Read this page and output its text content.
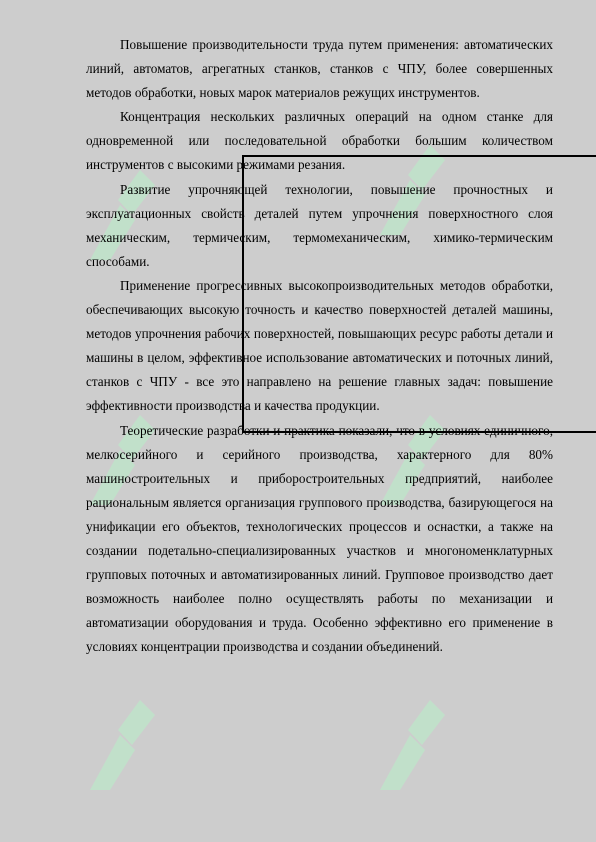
Повышение производительности труда путем применения: автоматических линий, автоматов, агрегатных станков, станков с ЧПУ, более совершенных методов обработки, новых марок материалов режущих инструментов.

Концентрация нескольких различных операций на одном станке для одновременной или последовательной обработки большим количеством инструментов с высокими режимами резания.

Развитие упрочняющей технологии, повышение прочностных и эксплуатационных свойств деталей путем упрочнения поверхностного слоя механическим, термическим, термомеханическим, химико-термическим способами.

Применение прогрессивных высокопроизводительных методов обработки, обеспечивающих высокую точность и качество поверхностей деталей машины, методов упрочнения рабочих поверхностей, повышающих ресурс работы детали и машины в целом, эффективное использование автоматических и поточных линий, станков с ЧПУ - все это направлено на решение главных задач: повышение эффективности производства и качества продукции.

Теоретические разработки и практика показали, что в условиях единичного, мелкосерийного и серийного производства, характерного для 80% машиностроительных и приборостроительных предприятий, наиболее рациональным является организация группового производства, базирующегося на унификации его объектов, технологических процессов и оснастки, а также на создании подетально-специализированных участков и многономенклатурных групповых поточных и автоматизированных линий. Групповое производство дает возможность наиболее полно осуществлять работы по механизации и автоматизации оборудования и труда. Особенно эффективно его применение в условиях концентрации производства и создании объединений.
